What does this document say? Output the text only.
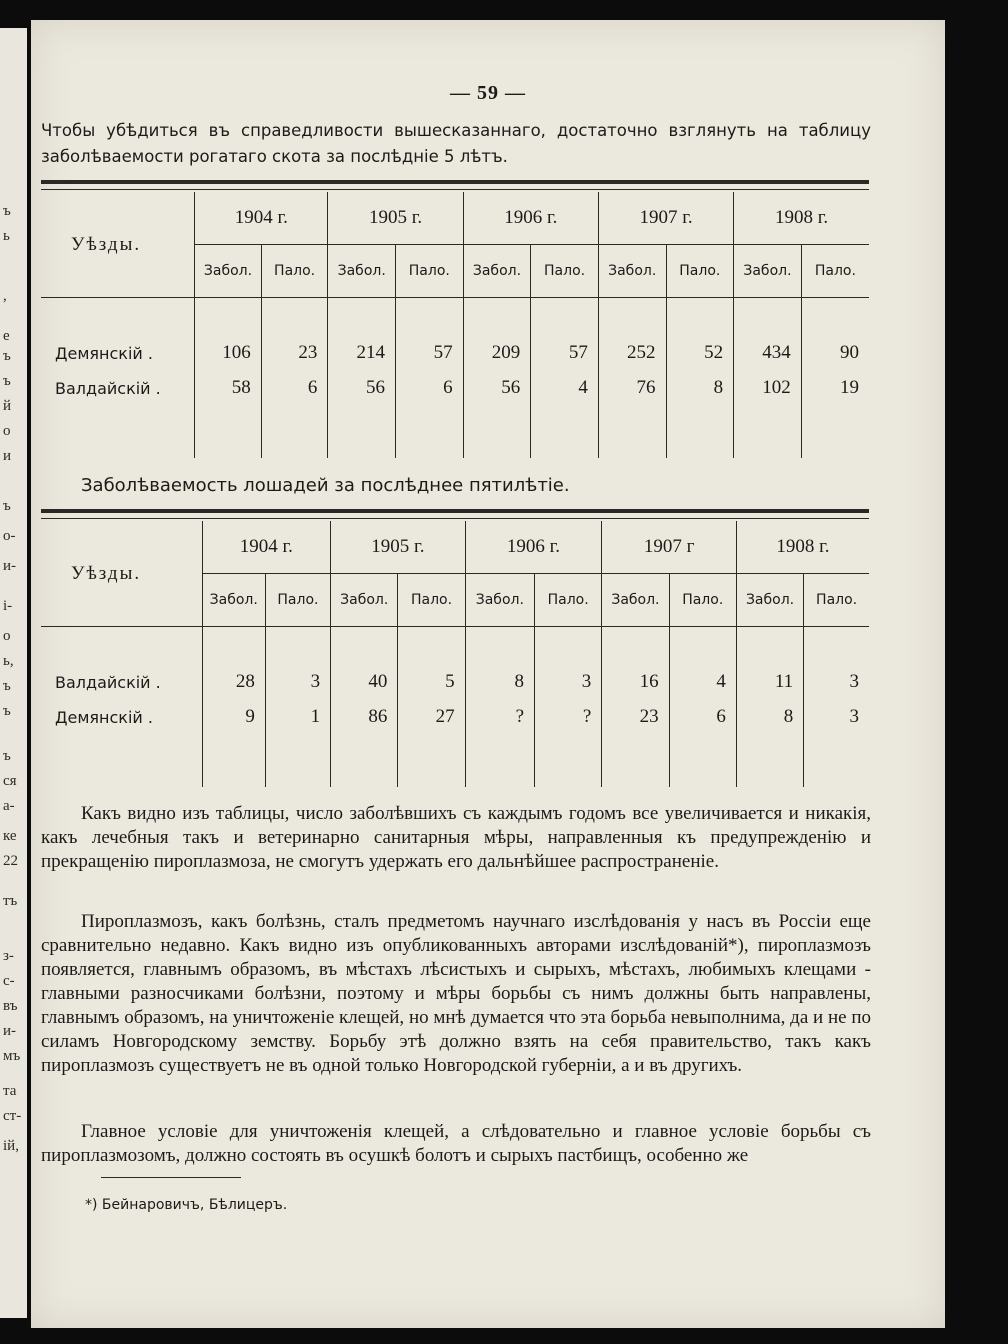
ъ
ь
,
е
ъ
ъ
й
о
и
ъ
о-
и-
і-
о
ь,
ъ
ъ
ъ
ся
а-
ке
22
тъ
з-
с-
въ
и-
мъ
та
ст-
ій,
— 59 —

Чтобы убѣдиться въ справедливости вышесказаннаго, достаточно взглянуть на таблицу заболѣваемости рогатаго скота за послѣдніе 5 лѣтъ.

Уѣзды.	1904 г.		1905 г.		1906 г.		1907 г.		1908 г.	
	Забол.	Пало.	Забол.	Пало.	Забол.	Пало.	Забол.	Пало.	Забол.	Пало.
Демянскій .	106	23	214	57	209	57	252	52	434	90
Валдайскій .	58	6	56	6	56	4	76	8	102	19

Заболѣваемость лошадей за послѣднее пятилѣтіе.
Уѣзды.	1904 г.		1905 г.		1906 г.		1907 г		1908 г.	
	Забол.	Пало.	Забол.	Пало.	Забол.	Пало.	Забол.	Пало.	Забол.	Пало.
Валдайскій .	28	3	40	5	8	3	16	4	11	3
Демянскій .	9	1	86	27	?	?	23	6	8	3

Какъ видно изъ таблицы, число заболѣвшихъ съ каждымъ годомъ все увеличивается и никакія, какъ лечебныя такъ и ветеринарно санитарныя мѣры, направленныя къ предупрежденію и прекращенію пироплазмоза, не смогутъ удержать его дальнѣйшее распространеніе.

Пироплазмозъ, какъ болѣзнь, сталъ предметомъ научнаго изслѣдованія у насъ въ Россіи еще сравнительно недавно. Какъ видно изъ опубликованныхъ авторами изслѣдованій*), пироплазмозъ появляется, главнымъ образомъ, въ мѣстахъ лѣсистыхъ и сырыхъ, мѣстахъ, любимыхъ клещами - главными разносчиками болѣзни, поэтому и мѣры борьбы съ нимъ должны быть направлены, главнымъ образомъ, на уничтоженіе клещей, но мнѣ думается что эта борьба невыполнима, да и не по силамъ Новгородскому земству. Борьбу этѣ должно взять на себя правительство, такъ какъ пироплазмозъ существуетъ не въ одной только Новгородской губерніи, а и въ другихъ.

Главное условіе для уничтоженія клещей, а слѣдовательно и главное условіе борьбы съ пироплазмозомъ, должно состоять въ осушкѣ болотъ и сырыхъ пастбищъ, особенно же

*) Бейнаровичъ, Бѣлицеръ.
